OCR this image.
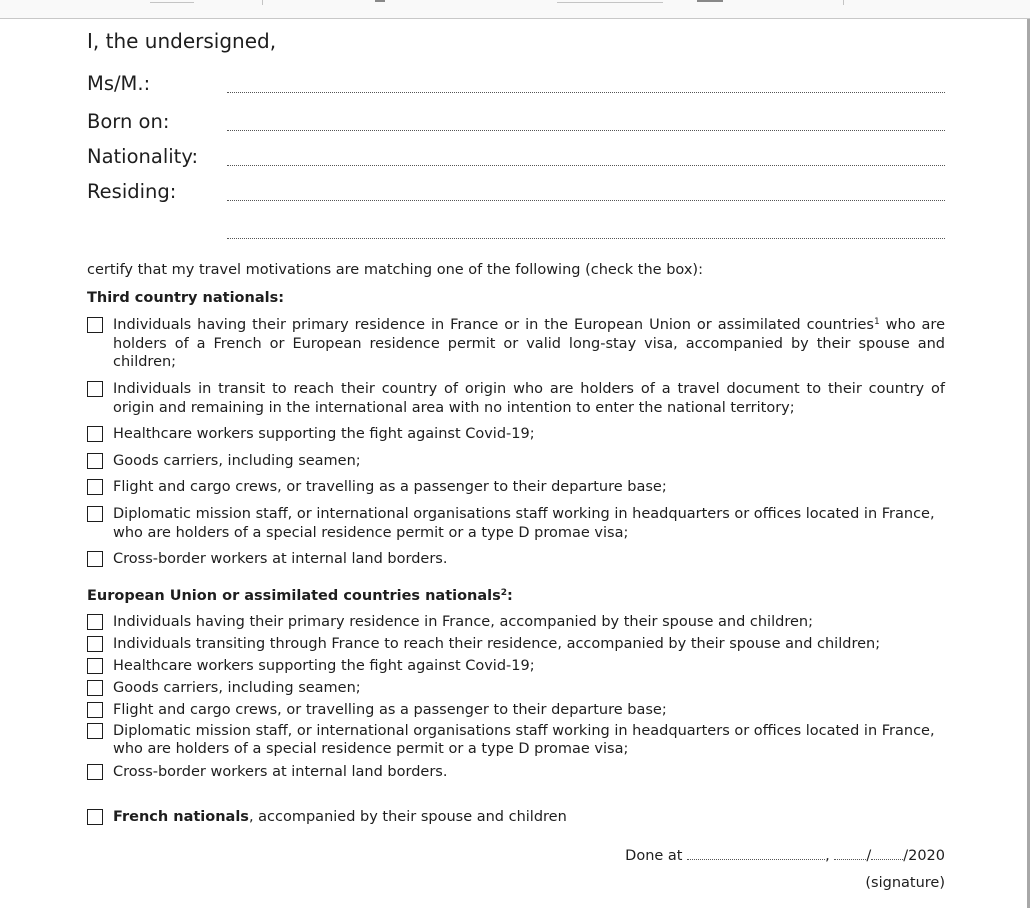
I, the undersigned,
Ms/M.:
Born on:
Nationality:
Residing:
certify that my travel motivations are matching one of the following (check the box):
Third country nationals:
Individuals having their primary residence in France or in the European Union or assimilated countries$^1$ who are holders of a French or European residence permit or valid long-stay visa, accompanied by their spouse and children;
Individuals in transit to reach their country of origin who are holders of a travel document to their country of origin and remaining in the international area with no intention to enter the national territory;
Healthcare workers supporting the fight against Covid-19;
Goods carriers, including seamen;
Flight and cargo crews, or travelling as a passenger to their departure base;
Diplomatic mission staff, or international organisations staff working in headquarters or offices located in France, who are holders of a special residence permit or a type D promae visa;
Cross-border workers at internal land borders.
European Union or assimilated countries nationals$^2$:
Individuals having their primary residence in France, accompanied by their spouse and children;
Individuals transiting through France to reach their residence, accompanied by their spouse and children;
Healthcare workers supporting the fight against Covid-19;
Goods carriers, including seamen;
Flight and cargo crews, or travelling as a passenger to their departure base;
Diplomatic mission staff, or international organisations staff working in headquarters or offices located in France, who are holders of a special residence permit or a type D promae visa;
Cross-border workers at internal land borders.
French nationals, accompanied by their spouse and children
Done at	,	/ /2020
(signature)
